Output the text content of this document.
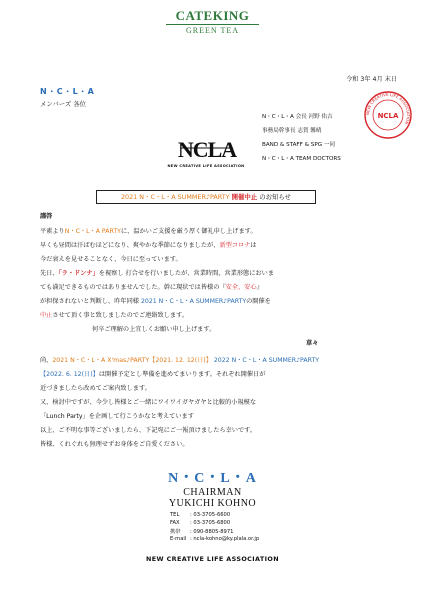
CATEKING
GREEN TEA
令和 3年 4月 末日
N・C・L・A
メンバーズ 各位
N・C・L・A 会長 河野 佑吉
事務局幹事長 志賀 馨晴
BAND & STAFF & SPG 一同
N・C・L・A TEAM DOCTORS
NEW CREATIVE LIFE ASSOCIATION
NCLA
NCLA
NEW CREATIVE LIFE ASSOCIATION
2021 N・C・L・A SUMMER♪PARTY 開催中止 のお知らせ
謹啓
平素よりN・C・L・A PARTYに、温かいご支援を厳う厚く御礼申し上げます。
早くも昼間は汗ばむほどになり、爽やかな季節になりましたが、新型コロナは
今だ衰えを見せることなく、今日に至っています。
先日、「ラ・ドンナ」を視察し 打合せを行いましたが、営業時間、営業形態においま
ても満足できるものではありませんでした。幹に現状では皆様の『安全、安心』
が担保されないと判断し、昨年同様 2021 N・C・L・A SUMMER♪PARTYの開催を
中止させて頂く事と致しましたのでご連絡致します。
何卒ご理解の上宜しくお願い申し上げます。
草々
尚、2021 N・C・L・A X'mas♪PARTY【2021. 12. 12(日)】 2022 N・C・L・A SUMMER♪PARTY
【2022. 6. 12(日)】は開催予定とし準備を進めてまいります。それぞれ開催日が
近づきましたら改めてご案内致します。
又、検討中ですが、今少し皆様とご一緒にワイワイガヤガヤと比較的小規模な
「Lunch Party」を企画して行こうかなと考えています
以上、ご不明な事等ございましたら、下記宛にご一報頂けましたら幸いです。
皆様、くれぐれも無理せずお身体をご自愛ください。
N・C・L・A
CHAIRMAN
YUKICHI KOHNO
TEL : 03-3705-6600
FAX : 03-3705-6800
携帯 : 090-8805-8971
E-mail : ncla-kohno@ky.plala.or.jp
NEW CREATIVE LIFE ASSOCIATION
